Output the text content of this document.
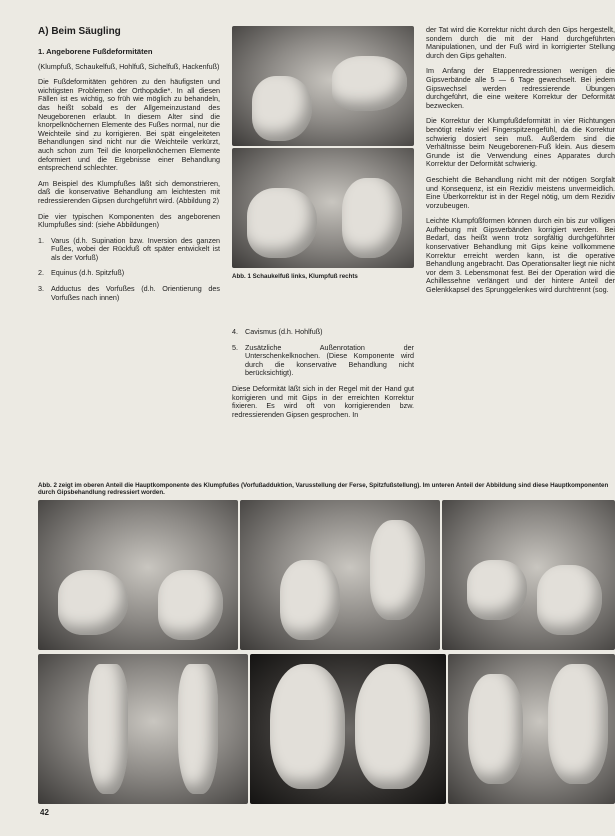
A) Beim Säugling
1. Angeborene Fußdeformitäten

(Klumpfuß, Schaukelfuß, Hohlfuß, Sichelfuß, Hackenfuß)

Die Fußdeformitäten gehören zu den häufigsten und wichtigsten Problemen der Orthopädie*. In all diesen Fällen ist es wichtig, so früh wie möglich zu behandeln, das heißt sobald es der Allgemeinzustand des Neugeborenen erlaubt. In diesem Alter sind die knorpelknöchernen Elemente des Fußes normal, nur die Weichteile sind zu korrigieren. Bei spät eingeleiteten Behandlungen sind nicht nur die Weichteile verkürzt, auch schon zum Teil die knorpelknöchernen Elemente deformiert und die Ergebnisse einer Behandlung entsprechend schlechter.

Am Beispiel des Klumpfußes läßt sich demonstrieren, daß die konservative Behandlung am leichtesten mit redressierenden Gipsen durchgeführt wird. (Abbildung 2)

Die vier typischen Komponenten des angeborenen Klumpfußes sind: (siehe Abbildungen)

1. Varus (d.h. Supination bzw. Inversion des ganzen Fußes, wobei der Rückfuß oft später entwickelt ist als der Vorfuß)
2. Equinus (d.h. Spitzfuß)
3. Adductus des Vorfußes (d.h. Orientierung des Vorfußes nach innen)
Abb. 1 Schaukelfuß links, Klumpfuß rechts
4. Cavismus (d.h. Hohlfuß)
5. Zusätzliche Außenrotation der Unterschenkelknochen. (Diese Komponente wird durch die konservative Behandlung nicht berücksichtigt).

Diese Deformität läßt sich in der Regel mit der Hand gut korrigieren und mit Gips in der erreichten Korrektur fixieren. Es wird oft von korrigierenden bzw. redressierenden Gipsen gesprochen. In

der Tat wird die Korrektur nicht durch den Gips hergestellt, sondern durch die mit der Hand durchgeführten Manipulationen, und der Fuß wird in korrigierter Stellung durch den Gips gehalten.

Im Anfang der Etappenredressionen wenigen die Gipsverbände alle 5 — 6 Tage gewechselt. Bei jedem Gipswechsel werden redressierende Übungen durchgeführt, die eine weitere Korrektur der Deformität bezwecken.

Die Korrektur der Klumpfußdeformität in vier Richtungen benötigt relativ viel Fingerspitzengefühl, da die Korrektur schwierig dosiert sein muß. Außerdem sind die Verhältnisse beim Neugeborenen-Fuß klein. Aus diesem Grunde ist die Verwendung eines Apparates durch Korrektur der Deformität schwierig.

Geschieht die Behandlung nicht mit der nötigen Sorgfalt und Konsequenz, ist ein Rezidiv meistens unvermeidlich. Eine Überkorrektur ist in der Regel nötig, um dem Rezidiv vorzubeugen.

Leichte Klumpfüßformen können durch ein bis zur völligen Aufhebung mit Gipsverbänden korrigiert werden. Bei Bedarf, das heißt wenn trotz sorgfältig durchgeführter konservativer Behandlung mit Gips keine vollkommene Korrektur erreicht werden kann, ist die operative Behandlung angebracht. Das Operationsalter liegt nie nicht vor dem 3. Lebensmonat fest. Bei der Operation wird die Achillessehne verlängert und der hintere Anteil der Gelenkkapsel des Sprunggelenkes wird durchtrennt (sog.

Abb. 2 zeigt im oberen Anteil die Hauptkomponente des Klumpfußes (Vorfußadduktion, Varusstellung der Ferse, Spitzfußstellung). Im unteren Anteil der Abbildung sind diese Hauptkomponenten durch Gipsbehandlung redressiert worden.
42
